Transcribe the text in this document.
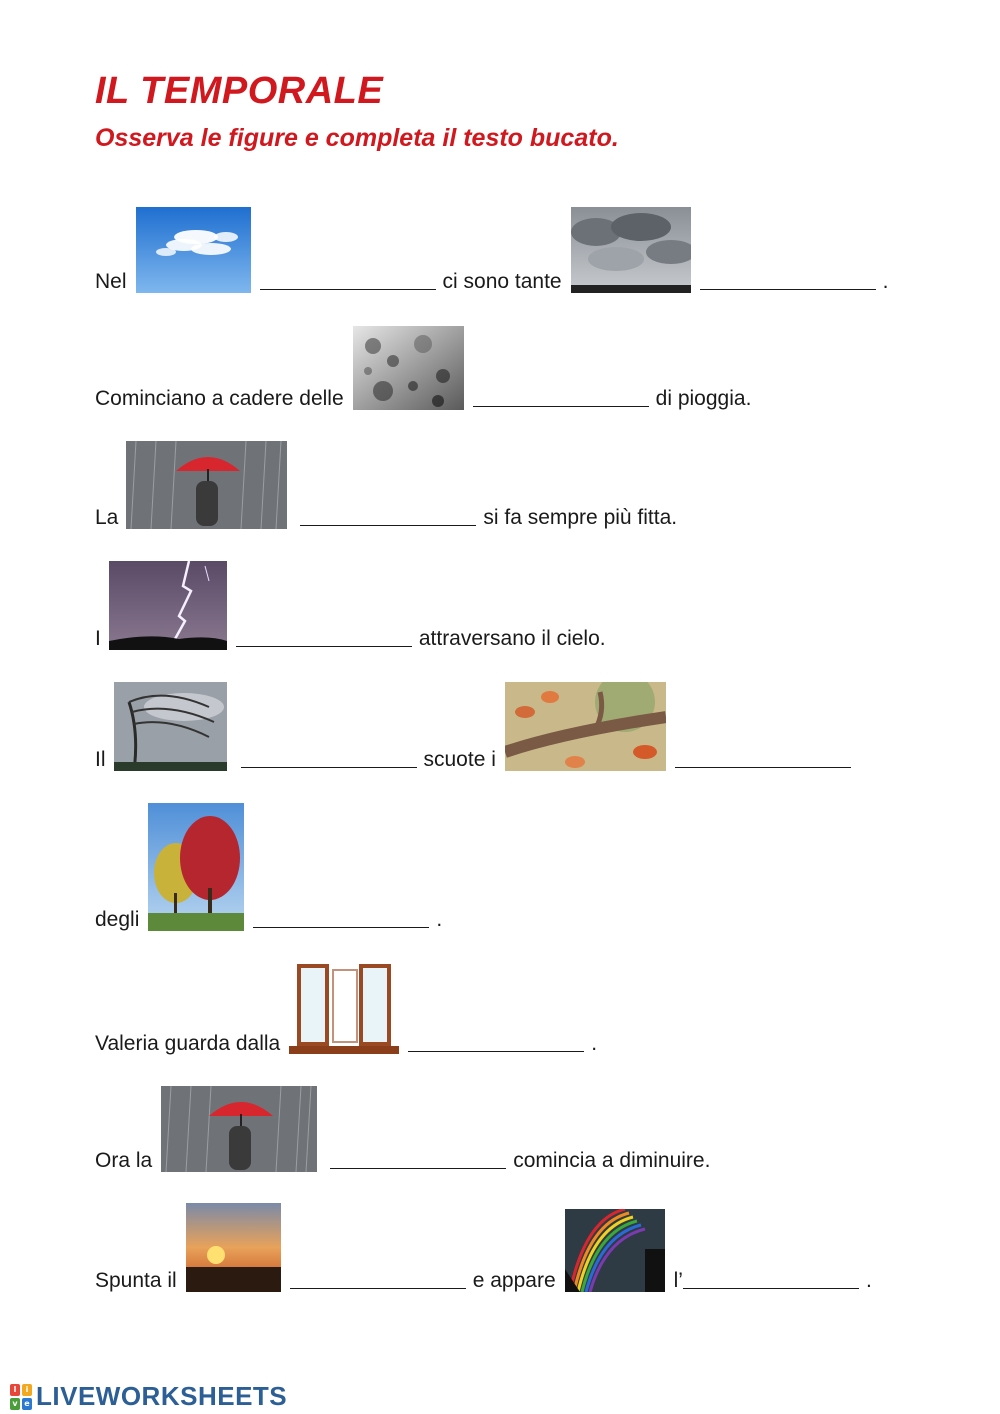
IL TEMPORALE
Osserva le figure e completa il testo bucato.
Nel	ci sono tante	.
Cominciano a cadere delle	di pioggia.
La	si fa sempre più fitta.
I	attraversano il cielo.
Il	scuote i
degli	.
Valeria guarda dalla	.
Ora la	comincia a diminuire.
Spunta il	e appare	l’	.
l	i
v e LIVEWORKSHEETS
